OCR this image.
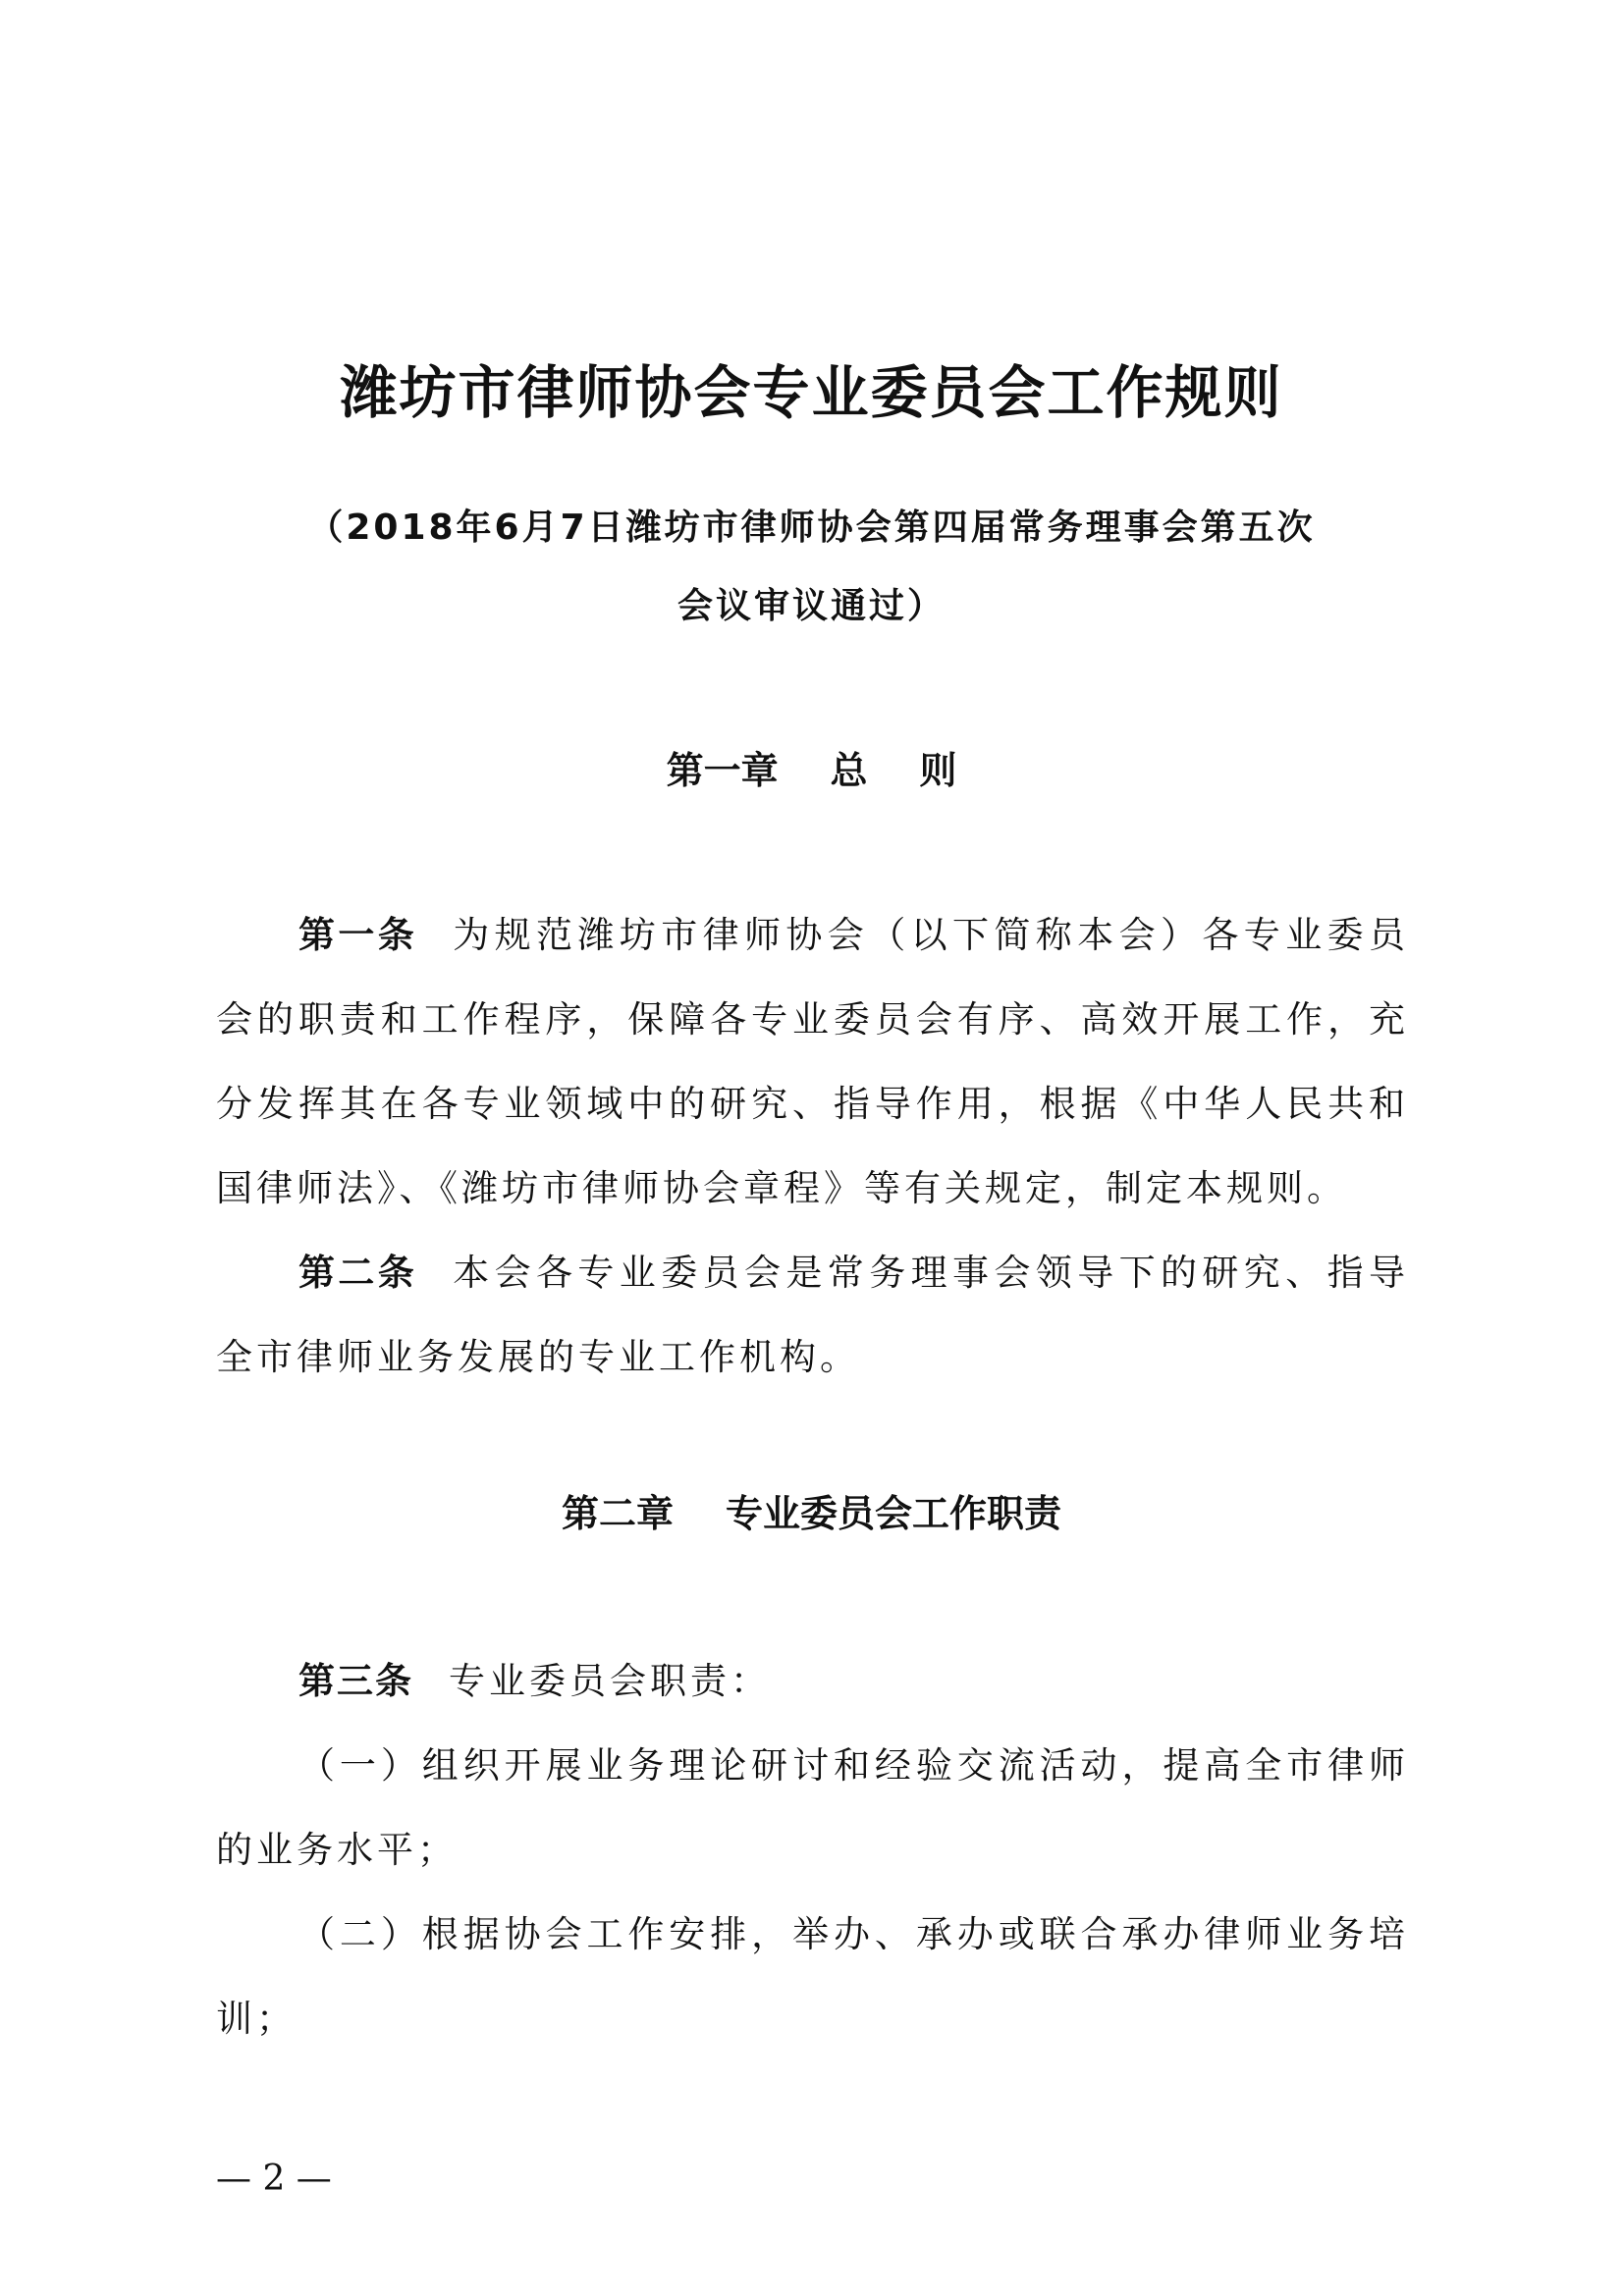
潍坊市律师协会专业委员会工作规则
（2018年6月7日潍坊市律师协会第四届常务理事会第五次
会议审议通过）
第一章    总    则

第一条 为规范潍坊市律师协会（以下简称本会）各专业委员会的职责和工作程序，保障各专业委员会有序、高效开展工作，充分发挥其在各专业领域中的研究、指导作用，根据《中华人民共和国律师法》、《潍坊市律师协会章程》等有关规定，制定本规则。

第二条 本会各专业委员会是常务理事会领导下的研究、指导全市律师业务发展的专业工作机构。

第二章    专业委员会工作职责

第三条 专业委员会职责：

（一）组织开展业务理论研讨和经验交流活动，提高全市律师的业务水平；

（二）根据协会工作安排，举办、承办或联合承办律师业务培训；

— 2 —
